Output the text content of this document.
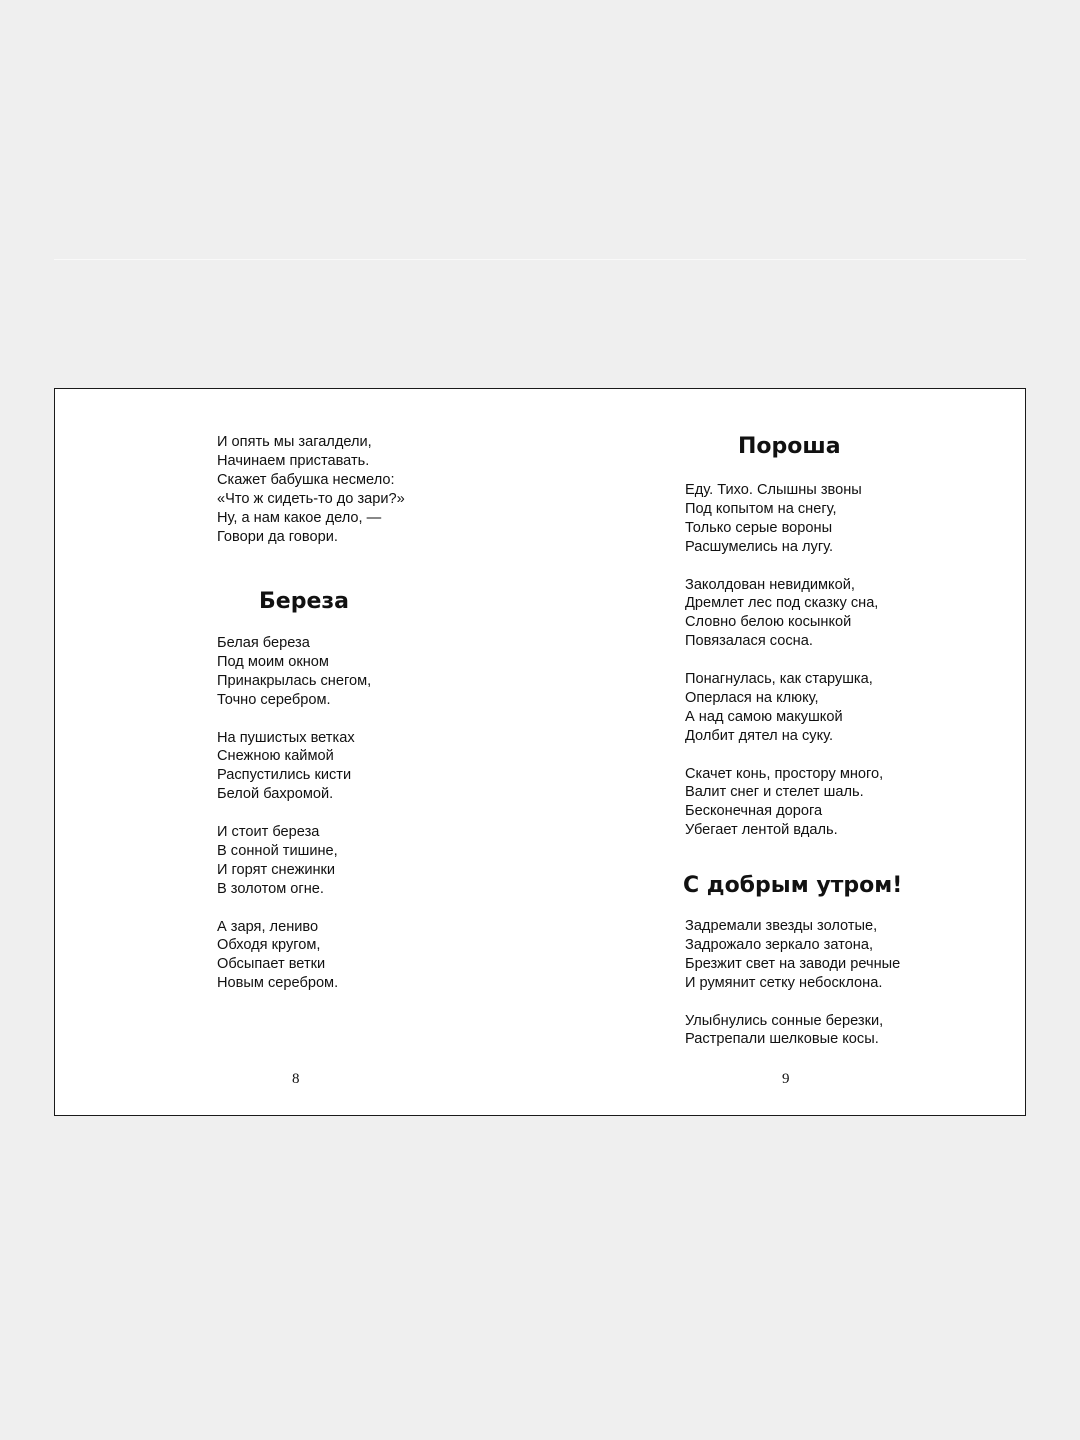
И опять мы загалдели,
Начинаем приставать.
Скажет бабушка несмело:
«Что ж сидеть-то до зари?»
Ну, а нам какое дело, —
Говори да говори.

Береза

Белая береза
Под моим окном
Принакрылась снегом,
Точно серебром.

На пушистых ветках
Снежною каймой
Распустились кисти
Белой бахромой.

И стоит береза
В сонной тишине,
И горят снежинки
В золотом огне.

А заря, лениво
Обходя кругом,
Обсыпает ветки
Новым серебром.

8
Пороша

Еду. Тихо. Слышны звоны
Под копытом на снегу,
Только серые вороны
Расшумелись на лугу.

Заколдован невидимкой,
Дремлет лес под сказку сна,
Словно белою косынкой
Повязалася сосна.

Понагнулась, как старушка,
Оперлася на клюку,
А над самою макушкой
Долбит дятел на суку.

Скачет конь, простору много,
Валит снег и стелет шаль.
Бесконечная дорога
Убегает лентой вдаль.

С добрым утром!

Задремали звезды золотые,
Задрожало зеркало затона,
Брезжит свет на заводи речные
И румянит сетку небосклона.

Улыбнулись сонные березки,
Растрепали шелковые косы.

9
